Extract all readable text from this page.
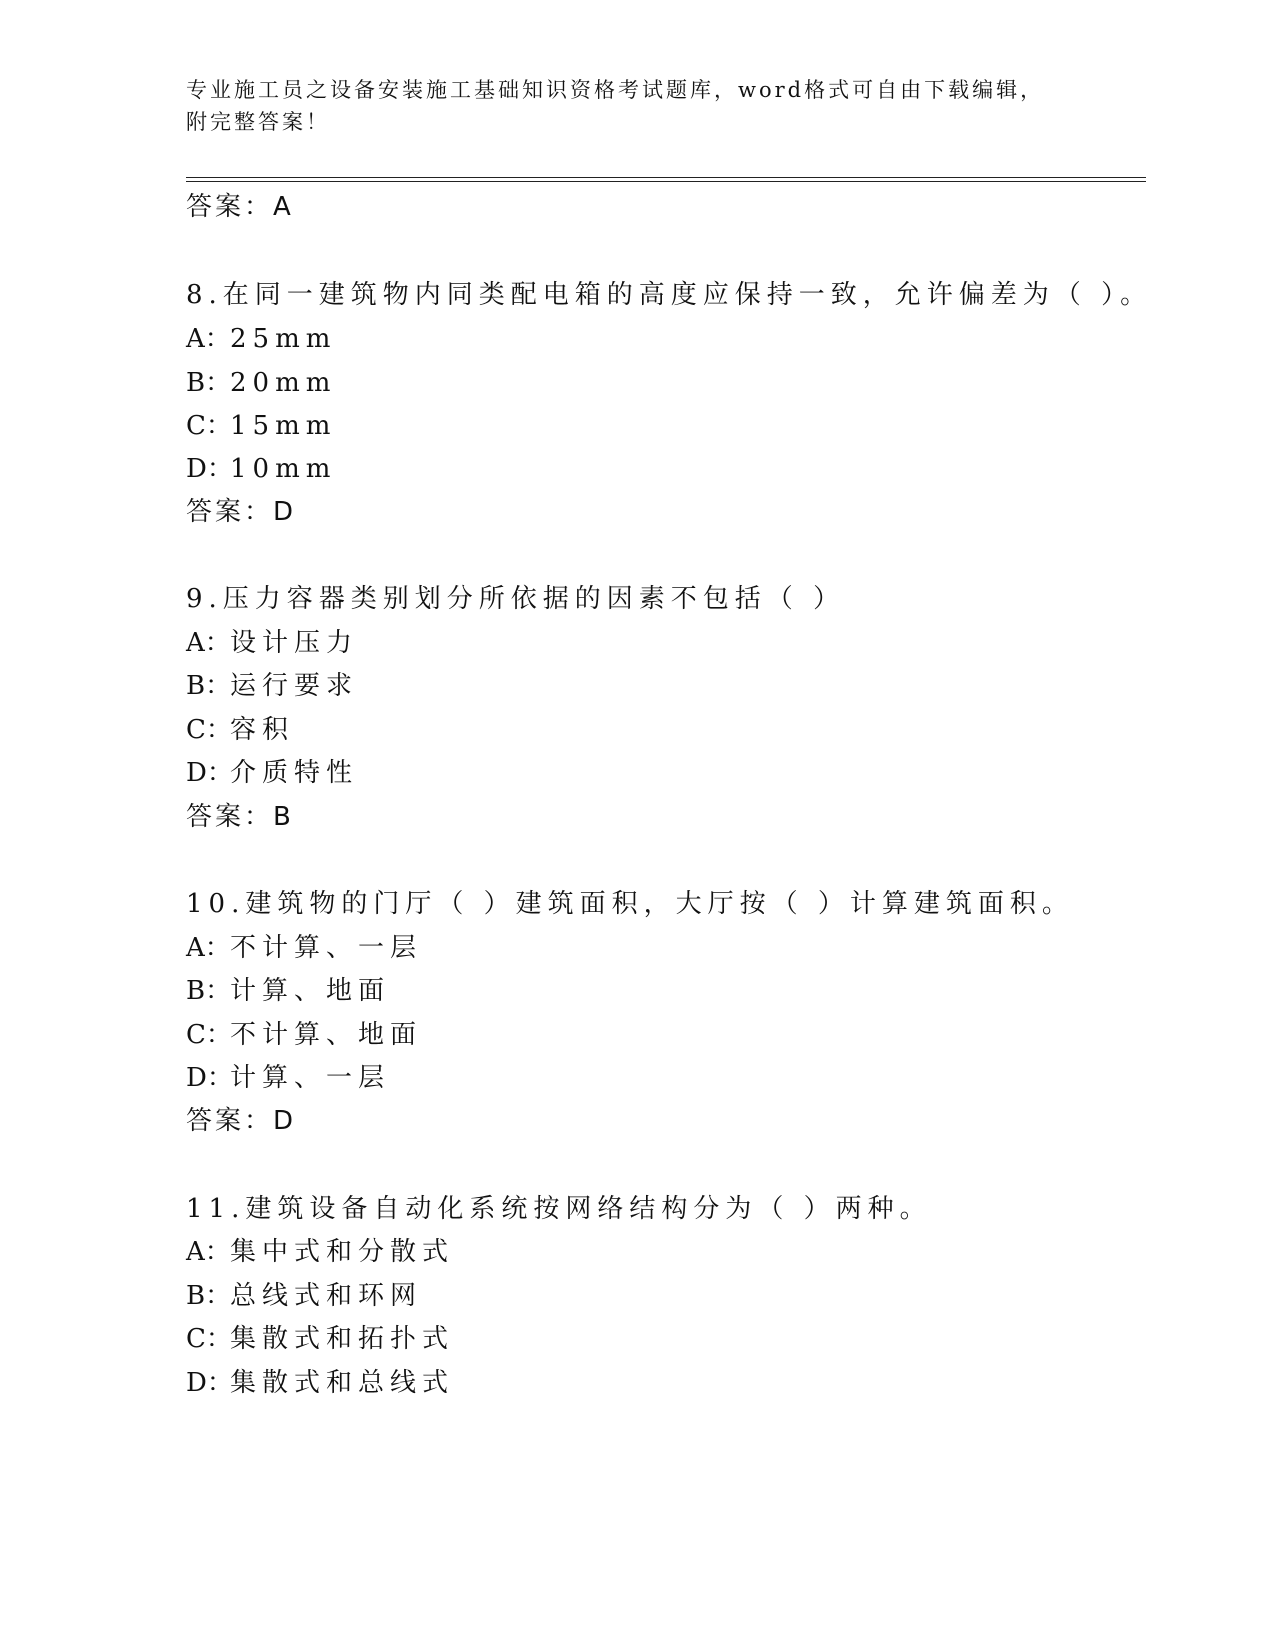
专业施工员之设备安装施工基础知识资格考试题库，word格式可自由下载编辑，
附完整答案！
答案：A
8.在同一建筑物内同类配电箱的高度应保持一致，允许偏差为（ ）。
A：25mm
B：20mm
C：15mm
D：10mm
答案：D
9.压力容器类别划分所依据的因素不包括（ ）
A：设计压力
B：运行要求
C：容积
D：介质特性
答案：B
10.建筑物的门厅（ ）建筑面积，大厅按（ ）计算建筑面积。
A：不计算、一层
B：计算、地面
C：不计算、地面
D：计算、一层
答案：D
11.建筑设备自动化系统按网络结构分为（ ）两种。
A：集中式和分散式
B：总线式和环网
C：集散式和拓扑式
D：集散式和总线式
